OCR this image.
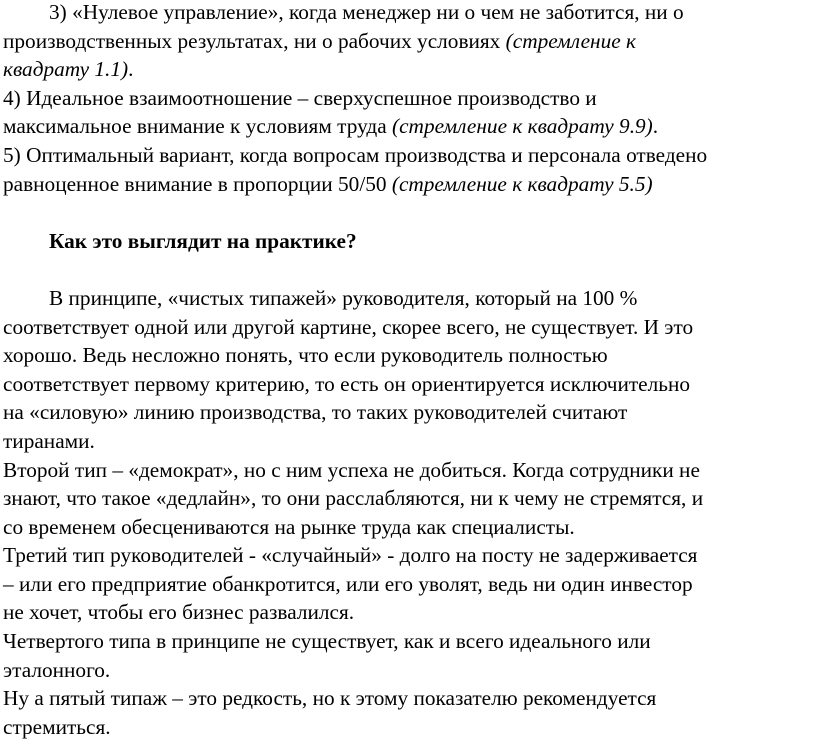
3) «Нулевое управление», когда менеджер ни о чем не заботится, ни о
производственных результатах, ни о рабочих условиях (стремление к
квадрату 1.1).
4) Идеальное взаимоотношение – сверхуспешное производство и
максимальное внимание к условиям труда (стремление к квадрату 9.9).
5) Оптимальный вариант, когда вопросам производства и персонала отведено
равноценное внимание в пропорции 50/50 (стремление к квадрату 5.5)
Как это выглядит на практике?
В принципе, «чистых типажей» руководителя, который на 100 %
соответствует одной или другой картине, скорее всего, не существует. И это
хорошо. Ведь несложно понять, что если руководитель полностью
соответствует первому критерию, то есть он ориентируется исключительно
на «силовую» линию производства, то таких руководителей считают
тиранами.
Второй тип – «демократ», но с ним успеха не добиться. Когда сотрудники не
знают, что такое «дедлайн», то они расслабляются, ни к чему не стремятся, и
со временем обесцениваются на рынке труда как специалисты.
Третий тип руководителей - «случайный» - долго на посту не задерживается
– или его предприятие обанкротится, или его уволят, ведь ни один инвестор
не хочет, чтобы его бизнес развалился.
Четвертого типа в принципе не существует, как и всего идеального или
эталонного.
Ну а пятый типаж – это редкость, но к этому показателю рекомендуется
стремиться.
